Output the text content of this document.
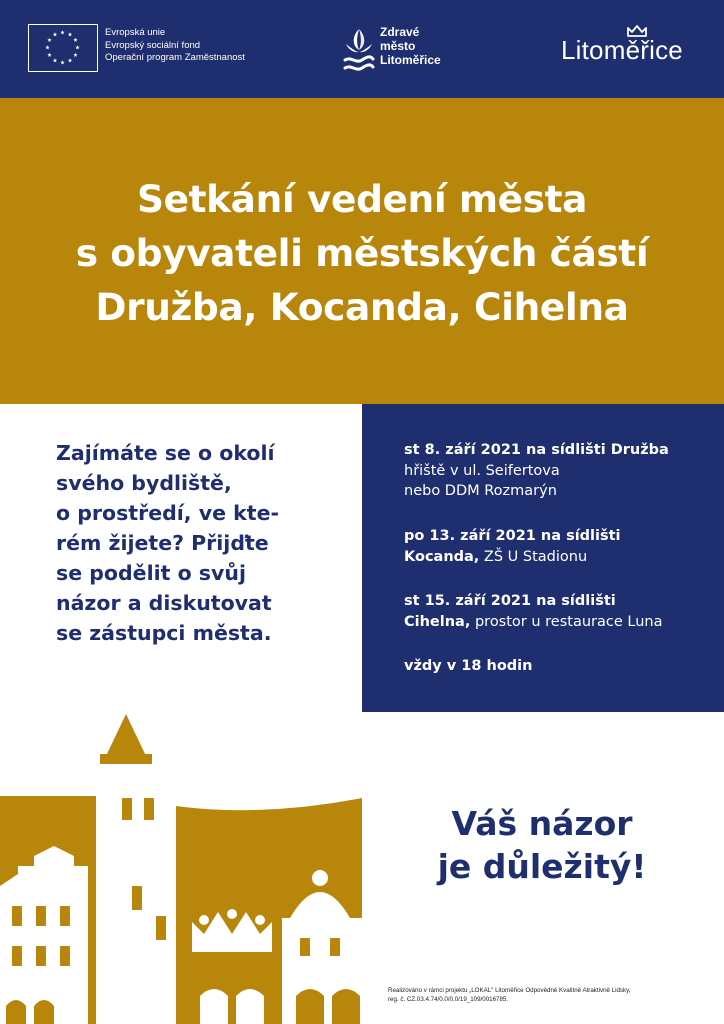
Evropská unie
Evropský sociální fond
Operační program Zaměstnanost
Zdravé
město
Litoměřice	Litoměřice
Setkání vedení města
s obyvateli městských částí
Družba, Kocanda, Cihelna
Zajímáte se o okolí
svého bydliště,
o prostředí, ve kte-
rém žijete? Přijďte
se podělit o svůj
názor a diskutovat
se zástupci města.
st 8. září 2021 na sídlišti Družba
hřiště v ul. Seifertova
nebo DDM Rozmarýn
po 13. září 2021 na sídlišti
Kocanda, ZŠ U Stadionu
st 15. září 2021 na sídlišti
Cihelna, prostor u restaurace Luna
vždy v 18 hodin
Váš názor
je důležitý!
Realizováno v rámci projektu „LOKAL" Litoměřice Odpovědně Kvalitně Atraktivně Lidsky,
reg. č. CZ.03.4.74/0.0/0.0/19_109/0016785.
